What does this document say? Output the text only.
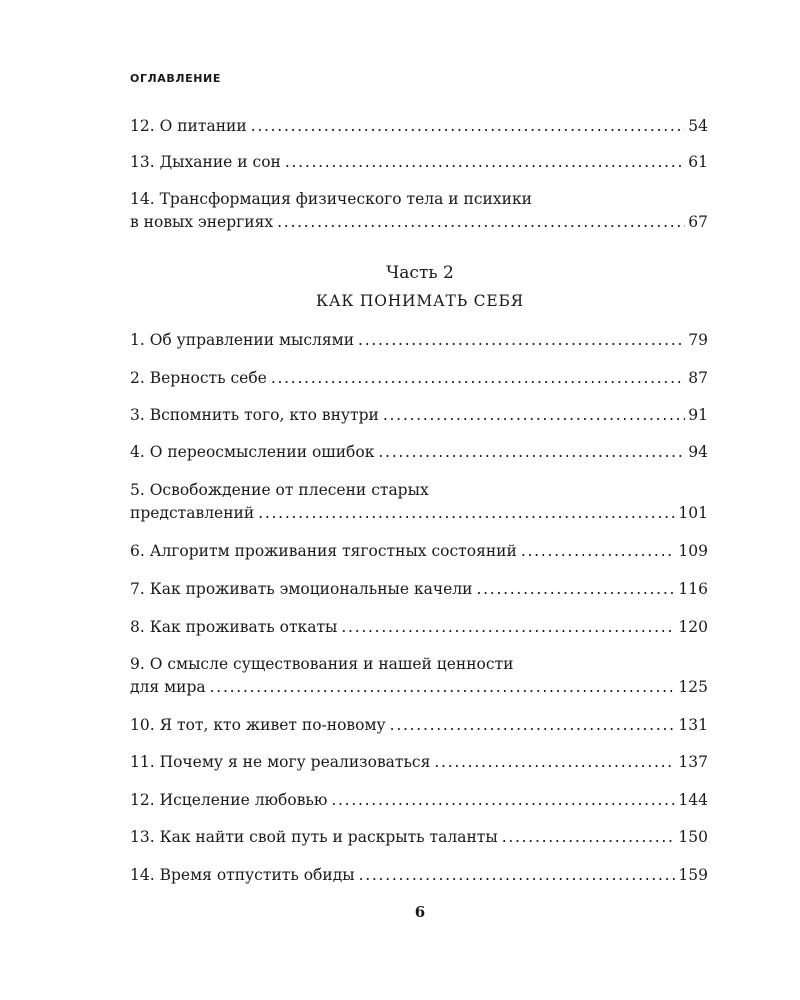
ОГЛАВЛЕНИЕ
12. О питании . . .	54
13. Дыхание и сон . . .	61
14. Трансформация физического тела и психики
в новых энергиях . . .	67
Часть 2
КАК ПОНИМАТЬ СЕБЯ
1. Об управлении мыслями . . .	79
2. Верность себе . . .	87
3. Вспомнить того, кто внутри . . .	91
4. О переосмыслении ошибок . . .	94
5. Освобождение от плесени старых
представлений . . .	101
6. Алгоритм проживания тягостных состояний . . .	109
7. Как проживать эмоциональные качели . . .	116
8. Как проживать откаты . . .	120
9. О смысле существования и нашей ценности
для мира . . .	125
10. Я тот, кто живет по-новому . . .	131
11. Почему я не могу реализоваться . . .	137
12. Исцеление любовью . . .	144
13. Как найти свой путь и раскрыть таланты . . .	150
14. Время отпустить обиды . . .	159
6
